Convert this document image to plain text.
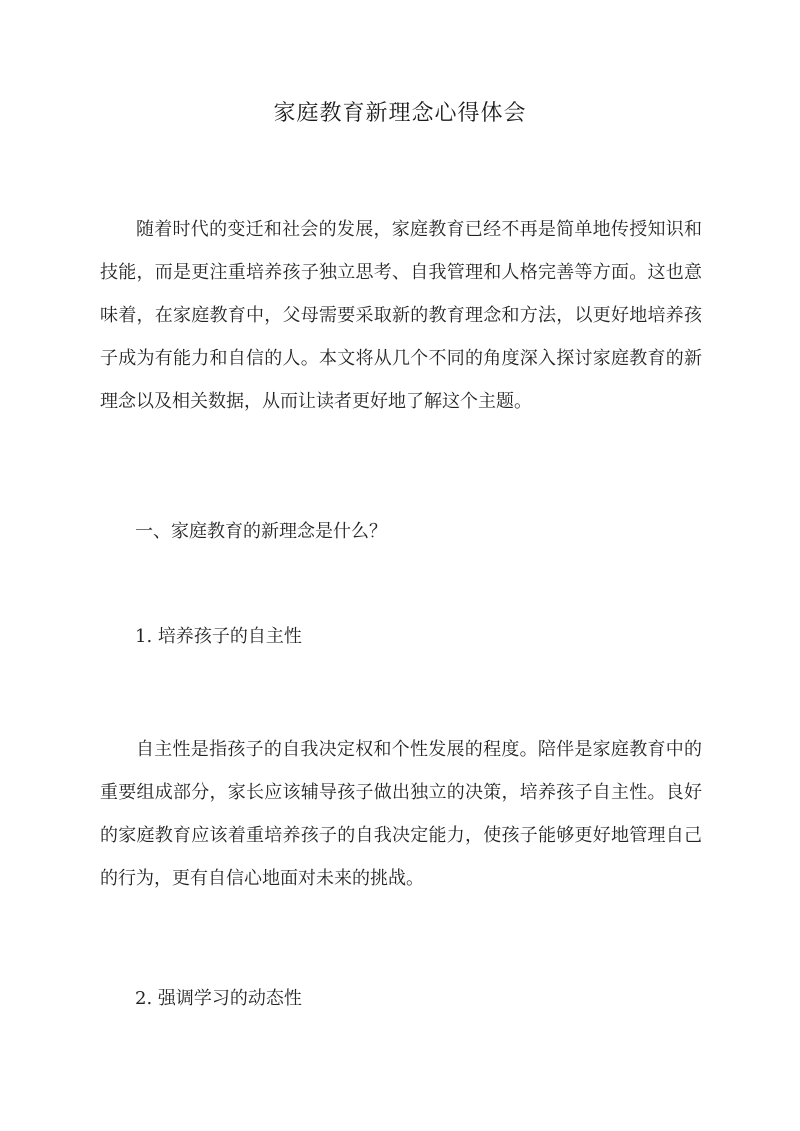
家庭教育新理念心得体会

随着时代的变迁和社会的发展，家庭教育已经不再是简单地传授知识和技能，而是更注重培养孩子独立思考、自我管理和人格完善等方面。这也意味着，在家庭教育中，父母需要采取新的教育理念和方法，以更好地培养孩子成为有能力和自信的人。本文将从几个不同的角度深入探讨家庭教育的新理念以及相关数据，从而让读者更好地了解这个主题。

一、家庭教育的新理念是什么？
1. 培养孩子的自主性

自主性是指孩子的自我决定权和个性发展的程度。陪伴是家庭教育中的重要组成部分，家长应该辅导孩子做出独立的决策，培养孩子自主性。良好的家庭教育应该着重培养孩子的自我决定能力，使孩子能够更好地管理自己的行为，更有自信心地面对未来的挑战。

2. 强调学习的动态性
